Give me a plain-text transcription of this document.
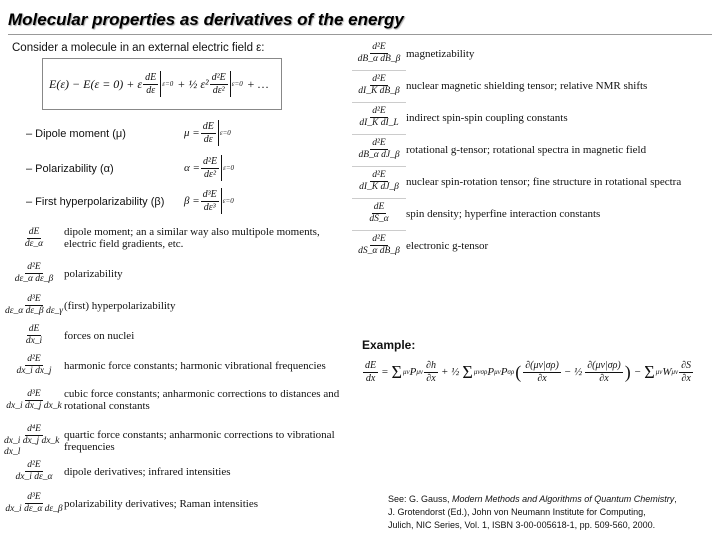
Molecular properties as derivatives of the energy
Consider a molecule in an external electric field ε:
E(ε) − E(ε = 0) + ε $\frac{dE}{d\varepsilon} \varepsilon=0$ + ½ $\varepsilon^2 \frac{\text{d²E}}{\text{dε²}} \varepsilon=0$ + …
– Dipole moment (μ)	$\mu = \frac{dE}{d\varepsilon} \varepsilon=0$
– Polarizability (α)	$\alpha = \frac{\text{d²E}}{\text{dε²}} \varepsilon=0$
– First hyperpolarizability (β) $\beta = \frac{\text{d³E}}{\text{dε³}} \varepsilon=0$
$\frac{dE}{d\varepsilon\_\alpha}$ dipole moment; an a similar way also multipole moments, electric field gradients, etc.
$\frac{\text{d²E}}{\text{dε\_α dε\_β}}$ polarizability
$\frac{\text{d³E}}{\text{dε\_α dε\_β dε\_γ}}$ (first) hyperpolarizability
$\frac{dE}{dx\_i}$ forces on nuclei
$\frac{\text{d²E}}{\text{dx\_i dx\_j}}$ harmonic force constants; harmonic vibrational frequencies
$\frac{\text{d³E}}{\text{dx\_i dx\_j dx\_k}}$ cubic force constants; anharmonic corrections to distances and rotational constants
$\frac{\text{d⁴E}}{\text{dx\_i dx\_j dx\_k dx\_l}}$ quartic force constants; anharmonic corrections to vibrational frequencies
$\frac{\text{d²E}}{\text{dx\_i dε\_α}}$ dipole derivatives; infrared intensities
$\frac{\text{d³E}}{\text{dx\_i dε\_α dε\_β}}$ polarizability derivatives; Raman intensities
$\frac{\text{d²E}}{\text{dB\_α dB\_β}}$ magnetizability
$\frac{\text{d²E}}{\text{dI\_K dB\_β}}$ nuclear magnetic shielding tensor; relative NMR shifts
$\frac{\text{d²E}}{\text{dI\_K dI\_L}}$ indirect spin-spin coupling constants
$\frac{\text{d²E}}{\text{dB\_α dJ\_β}}$ rotational g-tensor; rotational spectra in magnetic field
$\frac{\text{d²E}}{\text{dI\_K dJ\_β}}$ nuclear spin-rotation tensor; fine structure in rotational spectra
$\frac{dE}{dS\_\alpha}$ spin density; hyperfine interaction constants
$\frac{\text{d²E}}{\text{dS\_α dB\_β}}$ electronic g-tensor
Example:
$\frac{dE}{dx} = \Sigma$ μν P μν $\frac{\partial h}{\partial x}$ + ½ Σ μνσρ P μν P σρ ( $\frac{\partial(\mu\nu|\sigma\rho)}{\partial x}$ − ½ $\frac{\partial(\mu\nu|\sigma\rho)}{\partial x}$ ) − Σ μν W μν $\frac{\partial S}{\partial x}$
See: G. Gauss, Modern Methods and Algorithms of Quantum Chemistry,
J. Grotendorst (Ed.), John von Neumann Institute for Computing,
Julich, NIC Series, Vol. 1, ISBN 3-00-005618-1, pp. 509-560, 2000.
